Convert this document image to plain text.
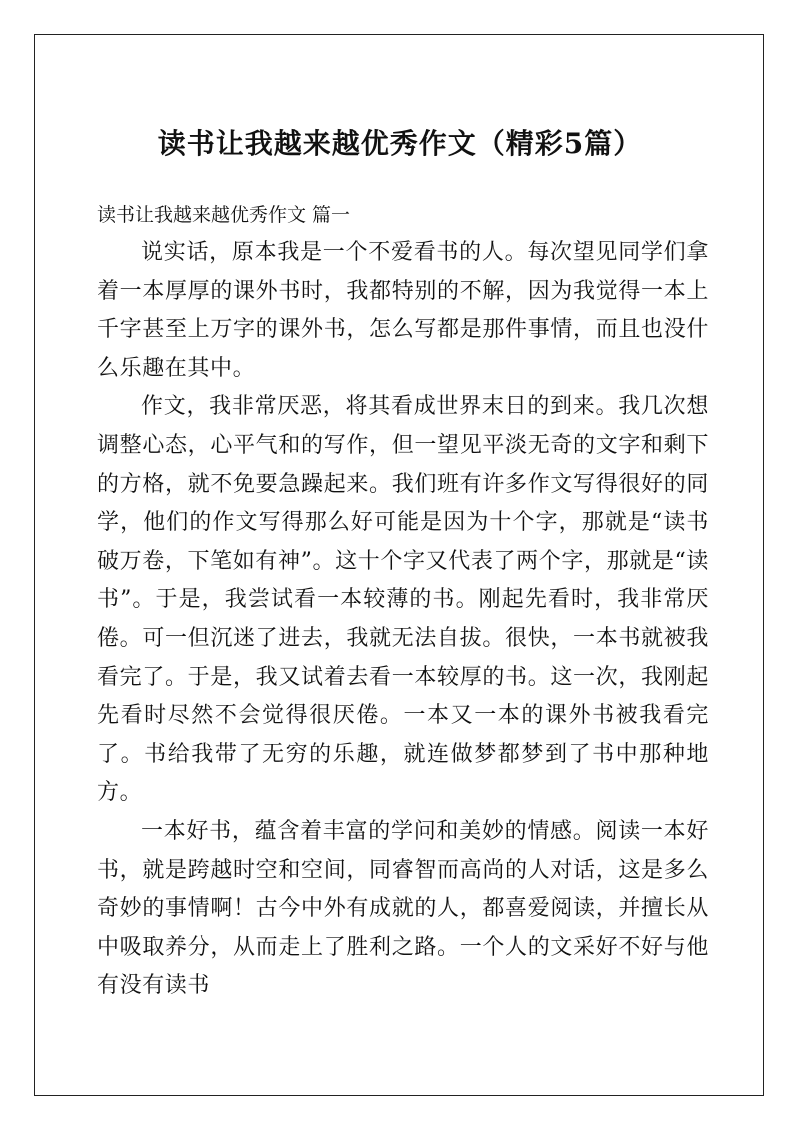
读书让我越来越优秀作文（精彩5篇）

读书让我越来越优秀作文 篇一

说实话，原本我是一个不爱看书的人。每次望见同学们拿着一本厚厚的课外书时，我都特别的不解，因为我觉得一本上千字甚至上万字的课外书，怎么写都是那件事情，而且也没什么乐趣在其中。

作文，我非常厌恶，将其看成世界末日的到来。我几次想调整心态，心平气和的写作，但一望见平淡无奇的文字和剩下的方格，就不免要急躁起来。我们班有许多作文写得很好的同学，他们的作文写得那么好可能是因为十个字，那就是“读书破万卷，下笔如有神”。这十个字又代表了两个字，那就是“读书”。于是，我尝试看一本较薄的书。刚起先看时，我非常厌倦。可一但沉迷了进去，我就无法自拔。很快，一本书就被我看完了。于是，我又试着去看一本较厚的书。这一次，我刚起先看时尽然不会觉得很厌倦。一本又一本的课外书被我看完了。书给我带了无穷的乐趣，就连做梦都梦到了书中那种地方。

一本好书，蕴含着丰富的学问和美妙的情感。阅读一本好书，就是跨越时空和空间，同睿智而高尚的人对话，这是多么奇妙的事情啊！古今中外有成就的人，都喜爱阅读，并擅长从中吸取养分，从而走上了胜利之路。一个人的文采好不好与他有没有读书
